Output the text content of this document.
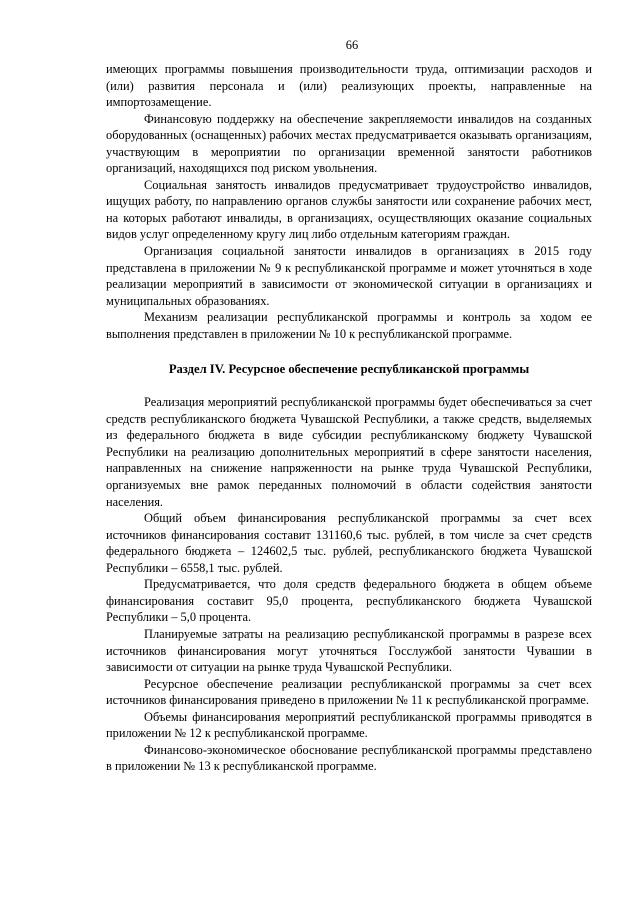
66

имеющих программы повышения производительности труда, оптимизации расходов и (или) развития персонала и (или) реализующих проекты, направленные на импортозамещение.

Финансовую поддержку на обеспечение закрепляемости инвалидов на созданных оборудованных (оснащенных) рабочих местах предусматривается оказывать организациям, участвующим в мероприятии по организации временной занятости работников организаций, находящихся под риском увольнения.

Социальная занятость инвалидов предусматривает трудоустройство инвалидов, ищущих работу, по направлению органов службы занятости или сохранение рабочих мест, на которых работают инвалиды, в организациях, осуществляющих оказание социальных видов услуг определенному кругу лиц либо отдельным категориям граждан.

Организация социальной занятости инвалидов в организациях в 2015 году представлена в приложении № 9 к республиканской программе и может уточняться в ходе реализации мероприятий в зависимости от экономической ситуации в организациях и муниципальных образованиях.

Механизм реализации республиканской программы и контроль за ходом ее выполнения представлен в приложении № 10 к республиканской программе.

Раздел IV. Ресурсное обеспечение республиканской программы

Реализация мероприятий республиканской программы будет обеспечиваться за счет средств республиканского бюджета Чувашской Республики, а также средств, выделяемых из федерального бюджета в виде субсидии республиканскому бюджету Чувашской Республики на реализацию дополнительных мероприятий в сфере занятости населения, направленных на снижение напряженности на рынке труда Чувашской Республики, организуемых вне рамок переданных полномочий в области содействия занятости населения.

Общий объем финансирования республиканской программы за счет всех источников финансирования составит 131160,6 тыс. рублей, в том числе за счет средств федерального бюджета – 124602,5 тыс. рублей, республиканского бюджета Чувашской Республики – 6558,1 тыс. рублей.

Предусматривается, что доля средств федерального бюджета в общем объеме финансирования составит 95,0 процента, республиканского бюджета Чувашской Республики – 5,0 процента.

Планируемые затраты на реализацию республиканской программы в разрезе всех источников финансирования могут уточняться Госслужбой занятости Чувашии в зависимости от ситуации на рынке труда Чувашской Республики.

Ресурсное обеспечение реализации республиканской программы за счет всех источников финансирования приведено в приложении № 11 к республиканской программе.

Объемы финансирования мероприятий республиканской программы приводятся в приложении № 12 к республиканской программе.

Финансово-экономическое обоснование республиканской программы представлено в приложении № 13 к республиканской программе.
